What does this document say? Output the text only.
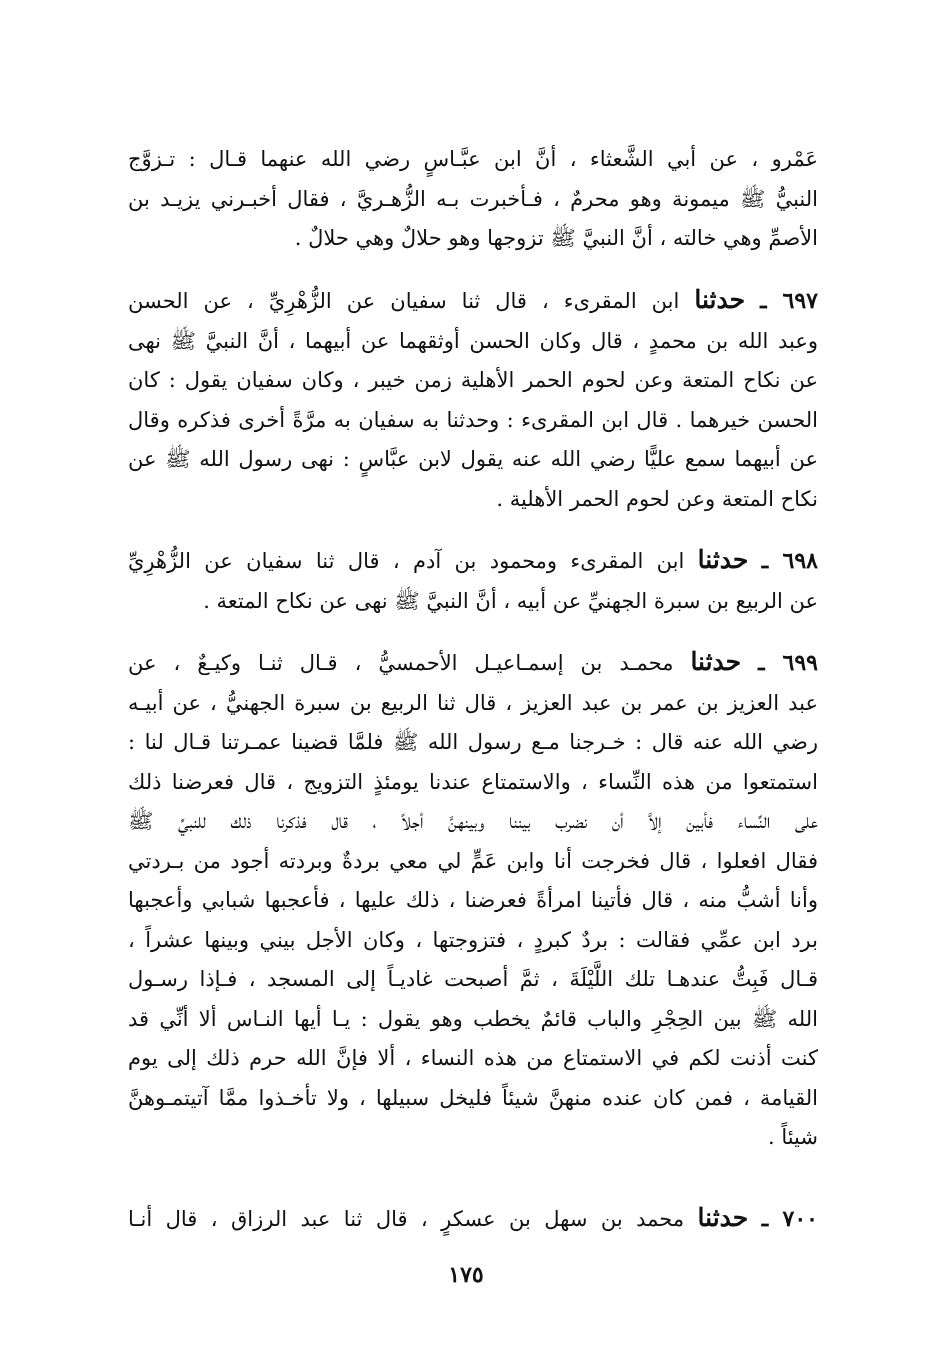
عَمْرو ، عن أبي الشَّعثاء ، أنَّ ابن عبَّـاسٍ رضي الله عنهما قـال : تـزوَّج
النبيُّ ﷺ ميمونة وهو محرمٌ ، فـأخبرت بـه الزُّهـريَّ ، فقال أخبـرني يزيـد بن
الأصمِّ وهي خالته ، أنَّ النبيَّ ﷺ تزوجها وهو حلالٌ وهي حلالٌ .
٦٩٧ ـ حدثنا ابن المقرىء ، قال ثنا سفيان عن الزُّهْرِيِّ ، عن الحسن
وعبد الله بن محمدٍ ، قال وكان الحسن أوثقهما عن أبيهما ، أنَّ النبيَّ ﷺ نهى
عن نكاح المتعة وعن لحوم الحمر الأهلية زمن خيبر ، وكان سفيان يقول : كان
الحسن خيرهما . قال ابن المقرىء : وحدثنا به سفيان به مرَّةً أخرى فذكره وقال
عن أبيهما سمع عليًّا رضي الله عنه يقول لابن عبَّاسٍ : نهى رسول الله ﷺ عن
نكاح المتعة وعن لحوم الحمر الأهلية .
٦٩٨ ـ حدثنا ابن المقرىء ومحمود بن آدم ، قال ثنا سفيان عن الزُّهْرِيِّ
عن الربيع بن سبرة الجهنيِّ عن أبيه ، أنَّ النبيَّ ﷺ نهى عن نكاح المتعة .
٦٩٩ ـ حدثنا محمـد بن إسمـاعيـل الأحمسيُّ ، قـال ثنـا وكيـعٌ ، عن
عبد العزيز بن عمر بن عبد العزيز ، قال ثنا الربيع بن سبرة الجهنيُّ ، عن أبيـه
رضي الله عنه قال : خـرجنا مـع رسول الله ﷺ فلمَّا قضينا عمـرتنا قـال لنا :
استمتعوا من هذه النِّساء ، والاستمتاع عندنا يومئذٍ التزويج ، قال فعرضنا ذلك
على النِّساء فأبين إلاَّ أن نضرب بيننا وبينهنَّ أجلاً ، قال فذكرنا ذلك للنبيِّ ﷺ
فقال افعلوا ، قال فخرجت أنا وابن عَمٍّ لي معي بردةٌ وبردته أجود من بـردتي
وأنا أشبُّ منه ، قال فأتينا امرأةً فعرضنا ، ذلك عليها ، فأعجبها شبابي وأعجبها
برد ابن عمِّي فقالت : بردٌ كبردٍ ، فتزوجتها ، وكان الأجل بيني وبينها عشراً ،
قـال فَبِتُّ عندهـا تلك اللَّيْلَةَ ، ثمَّ أصبحت غاديـاً إلى المسجد ، فـإذا رسـول
الله ﷺ بين الحِجْرِ والباب قائمٌ يخطب وهو يقول : يـا أيها النـاس ألا أنِّي قد
كنت أذنت لكم في الاستمتاع من هذه النساء ، ألا فإنَّ الله حرم ذلك إلى يوم
القيامة ، فمن كان عنده منهنَّ شيئاً فليخل سبيلها ، ولا تأخـذوا ممَّا آتيتمـوهنَّ
شيئاً .
٧٠٠ ـ حدثنا محمد بن سهل بن عسكرٍ ، قال ثنا عبد الرزاق ، قال أنـا
١٧٥
